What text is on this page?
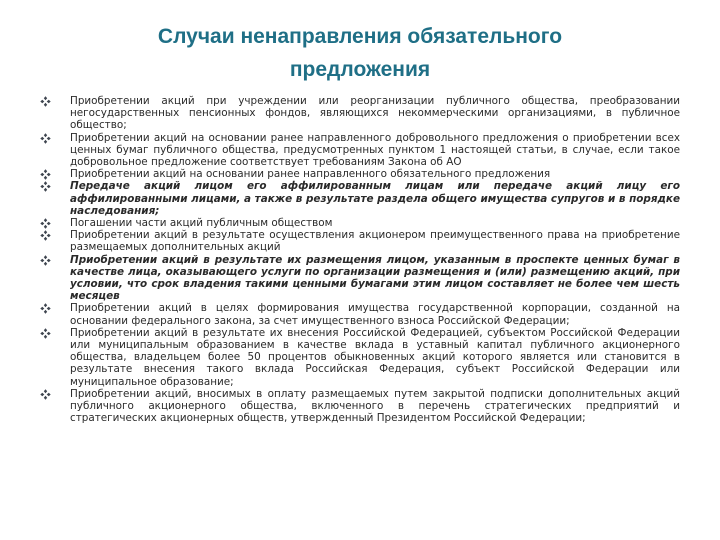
Случаи ненаправления обязательного
предложения
Приобретении акций при учреждении или реорганизации публичного общества, преобразовании негосударственных пенсионных фондов, являющихся некоммерческими организациями, в публичное общество;
Приобретении акций на основании ранее направленного добровольного предложения о приобретении всех ценных бумаг публичного общества, предусмотренных пунктом 1 настоящей статьи, в случае, если такое добровольное предложение соответствует требованиям Закона об АО
Приобретении акций на основании ранее направленного обязательного предложения
Передаче акций лицом его аффилированным лицам или передаче акций лицу его аффилированными лицами, а также в результате раздела общего имущества супругов и в порядке наследования;
Погашении части акций публичным обществом
Приобретении акций в результате осуществления акционером преимущественного права на приобретение размещаемых дополнительных акций
Приобретении акций в результате их размещения лицом, указанным в проспекте ценных бумаг в качестве лица, оказывающего услуги по организации размещения и (или) размещению акций, при условии, что срок владения такими ценными бумагами этим лицом составляет не более чем шесть месяцев
Приобретении акций в целях формирования имущества государственной корпорации, созданной на основании федерального закона, за счет имущественного взноса Российской Федерации;
Приобретении акций в результате их внесения Российской Федерацией, субъектом Российской Федерации или муниципальным образованием в качестве вклада в уставный капитал публичного акционерного общества, владельцем более 50 процентов обыкновенных акций которого является или становится в результате внесения такого вклада Российская Федерация, субъект Российской Федерации или муниципальное образование;
Приобретении акций, вносимых в оплату размещаемых путем закрытой подписки дополнительных акций публичного акционерного общества, включенного в перечень стратегических предприятий и стратегических акционерных обществ, утвержденный Президентом Российской Федерации;
